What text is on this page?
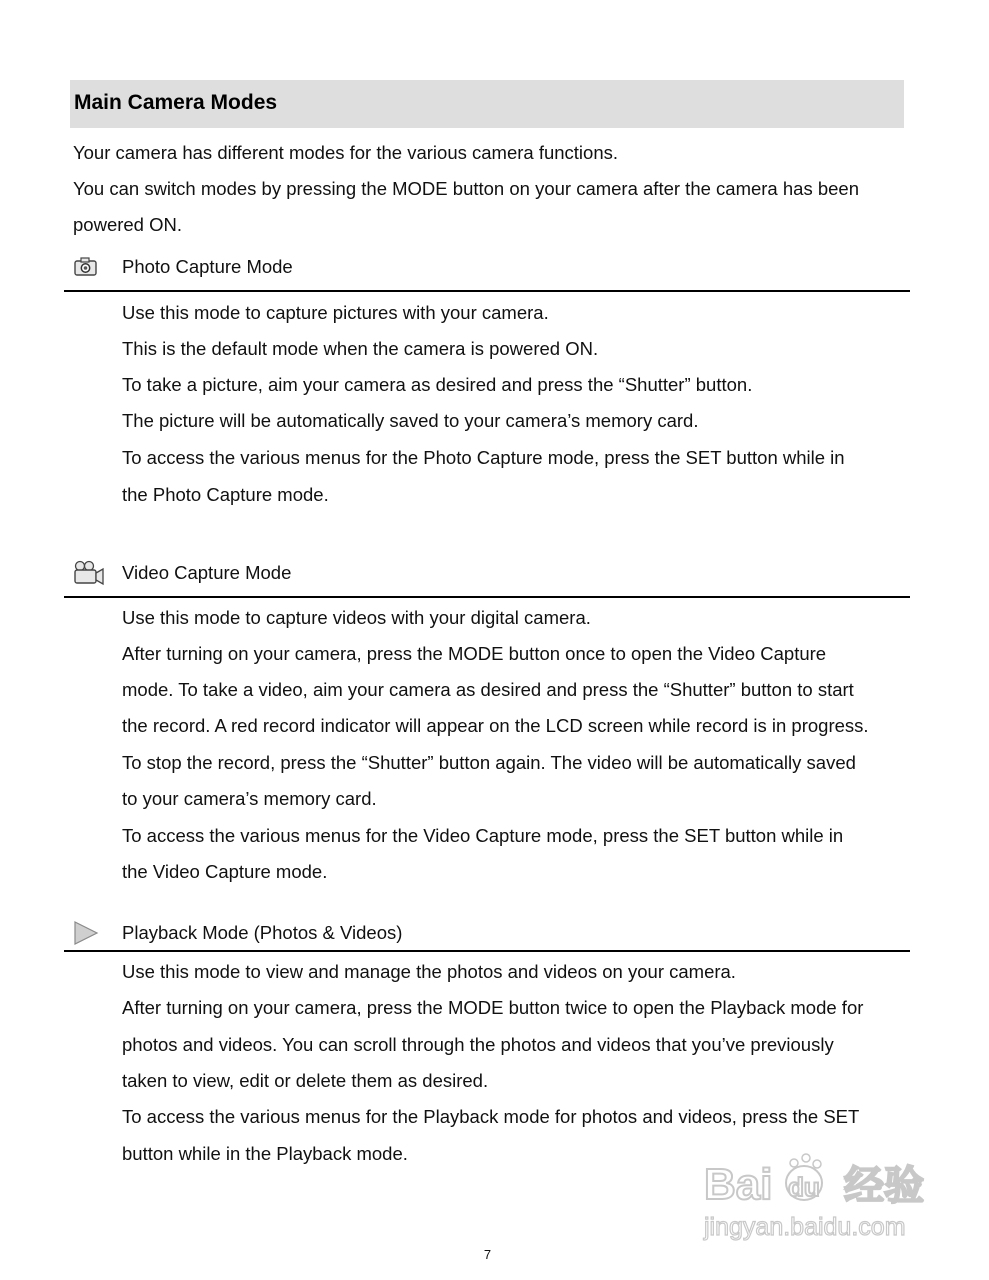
Main Camera Modes
Your camera has different modes for the various camera functions.
You can switch modes by pressing the MODE button on your camera after the camera has been
powered ON.
Photo Capture Mode
Use this mode to capture pictures with your camera.
This is the default mode when the camera is powered ON.
To take a picture, aim your camera as desired and press the “Shutter” button.
The picture will be automatically saved to your camera’s memory card.
To access the various menus for the Photo Capture mode, press the SET button while in
the Photo Capture mode.
Video Capture Mode
Use this mode to capture videos with your digital camera.
After turning on your camera, press the MODE button once to open the Video Capture
mode. To take a video, aim your camera as desired and press the “Shutter” button to start
the record. A red record indicator will appear on the LCD screen while record is in progress.
To stop the record, press the “Shutter” button again. The video will be automatically saved
to your camera’s memory card.
To access the various menus for the Video Capture mode, press the SET button while in
the Video Capture mode.
Playback Mode (Photos & Videos)
Use this mode to view and manage the photos and videos on your camera.
After turning on your camera, press the MODE button twice to open the Playback mode for
photos and videos. You can scroll through the photos and videos that you’ve previously
taken to view, edit or delete them as desired.
To access the various menus for the Playback mode for photos and videos, press the SET
button while in the Playback mode.
Bai du 经验
jingyan.baidu.com
7
